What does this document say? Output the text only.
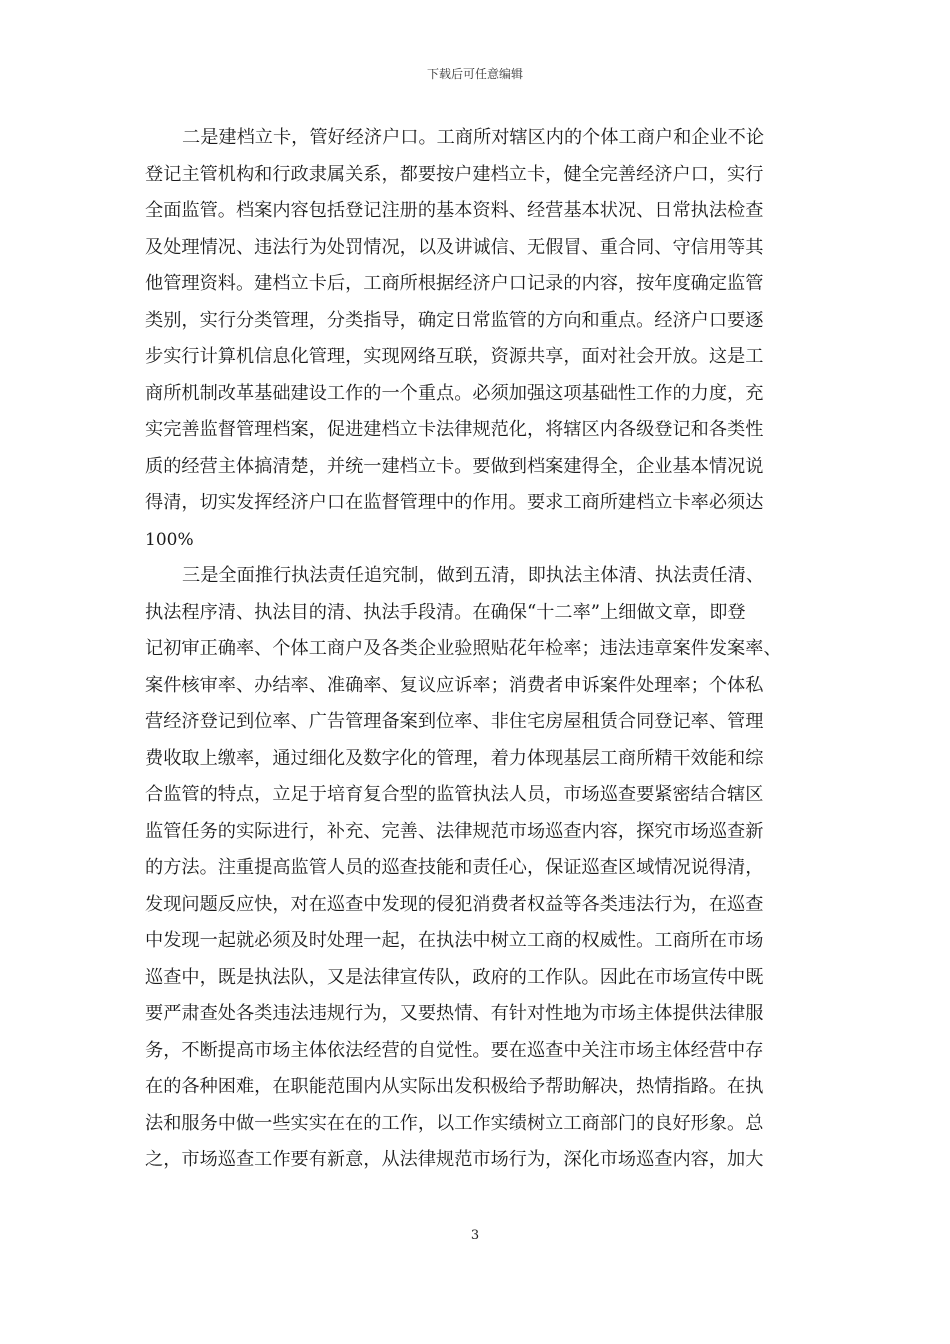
下载后可任意编辑
二是建档立卡，管好经济户口。工商所对辖区内的个体工商户和企业不论
登记主管机构和行政隶属关系，都要按户建档立卡，健全完善经济户口，实行
全面监管。档案内容包括登记注册的基本资料、经营基本状况、日常执法检查
及处理情况、违法行为处罚情况，以及讲诚信、无假冒、重合同、守信用等其
他管理资料。建档立卡后，工商所根据经济户口记录的内容，按年度确定监管
类别，实行分类管理，分类指导，确定日常监管的方向和重点。经济户口要逐
步实行计算机信息化管理，实现网络互联，资源共享，面对社会开放。这是工
商所机制改革基础建设工作的一个重点。必须加强这项基础性工作的力度，充
实完善监督管理档案，促进建档立卡法律规范化，将辖区内各级登记和各类性
质的经营主体搞清楚，并统一建档立卡。要做到档案建得全，企业基本情况说
得清，切实发挥经济户口在监督管理中的作用。要求工商所建档立卡率必须达
100%
三是全面推行执法责任追究制，做到五清，即执法主体清、执法责任清、
执法程序清、执法目的清、执法手段清。在确保“十二率”上细做文章，即登
记初审正确率、个体工商户及各类企业验照贴花年检率；违法违章案件发案率、
案件核审率、办结率、准确率、复议应诉率；消费者申诉案件处理率；个体私
营经济登记到位率、广告管理备案到位率、非住宅房屋租赁合同登记率、管理
费收取上缴率，通过细化及数字化的管理，着力体现基层工商所精干效能和综
合监管的特点，立足于培育复合型的监管执法人员，市场巡查要紧密结合辖区
监管任务的实际进行，补充、完善、法律规范市场巡查内容，探究市场巡查新
的方法。注重提高监管人员的巡查技能和责任心，保证巡查区域情况说得清，
发现问题反应快，对在巡查中发现的侵犯消费者权益等各类违法行为，在巡查
中发现一起就必须及时处理一起，在执法中树立工商的权威性。工商所在市场
巡查中，既是执法队，又是法律宣传队，政府的工作队。因此在市场宣传中既
要严肃查处各类违法违规行为，又要热情、有针对性地为市场主体提供法律服
务，不断提高市场主体依法经营的自觉性。要在巡查中关注市场主体经营中存
在的各种困难，在职能范围内从实际出发积极给予帮助解决，热情指路。在执
法和服务中做一些实实在在的工作，以工作实绩树立工商部门的良好形象。总
之，市场巡查工作要有新意，从法律规范市场行为，深化市场巡查内容，加大
3
